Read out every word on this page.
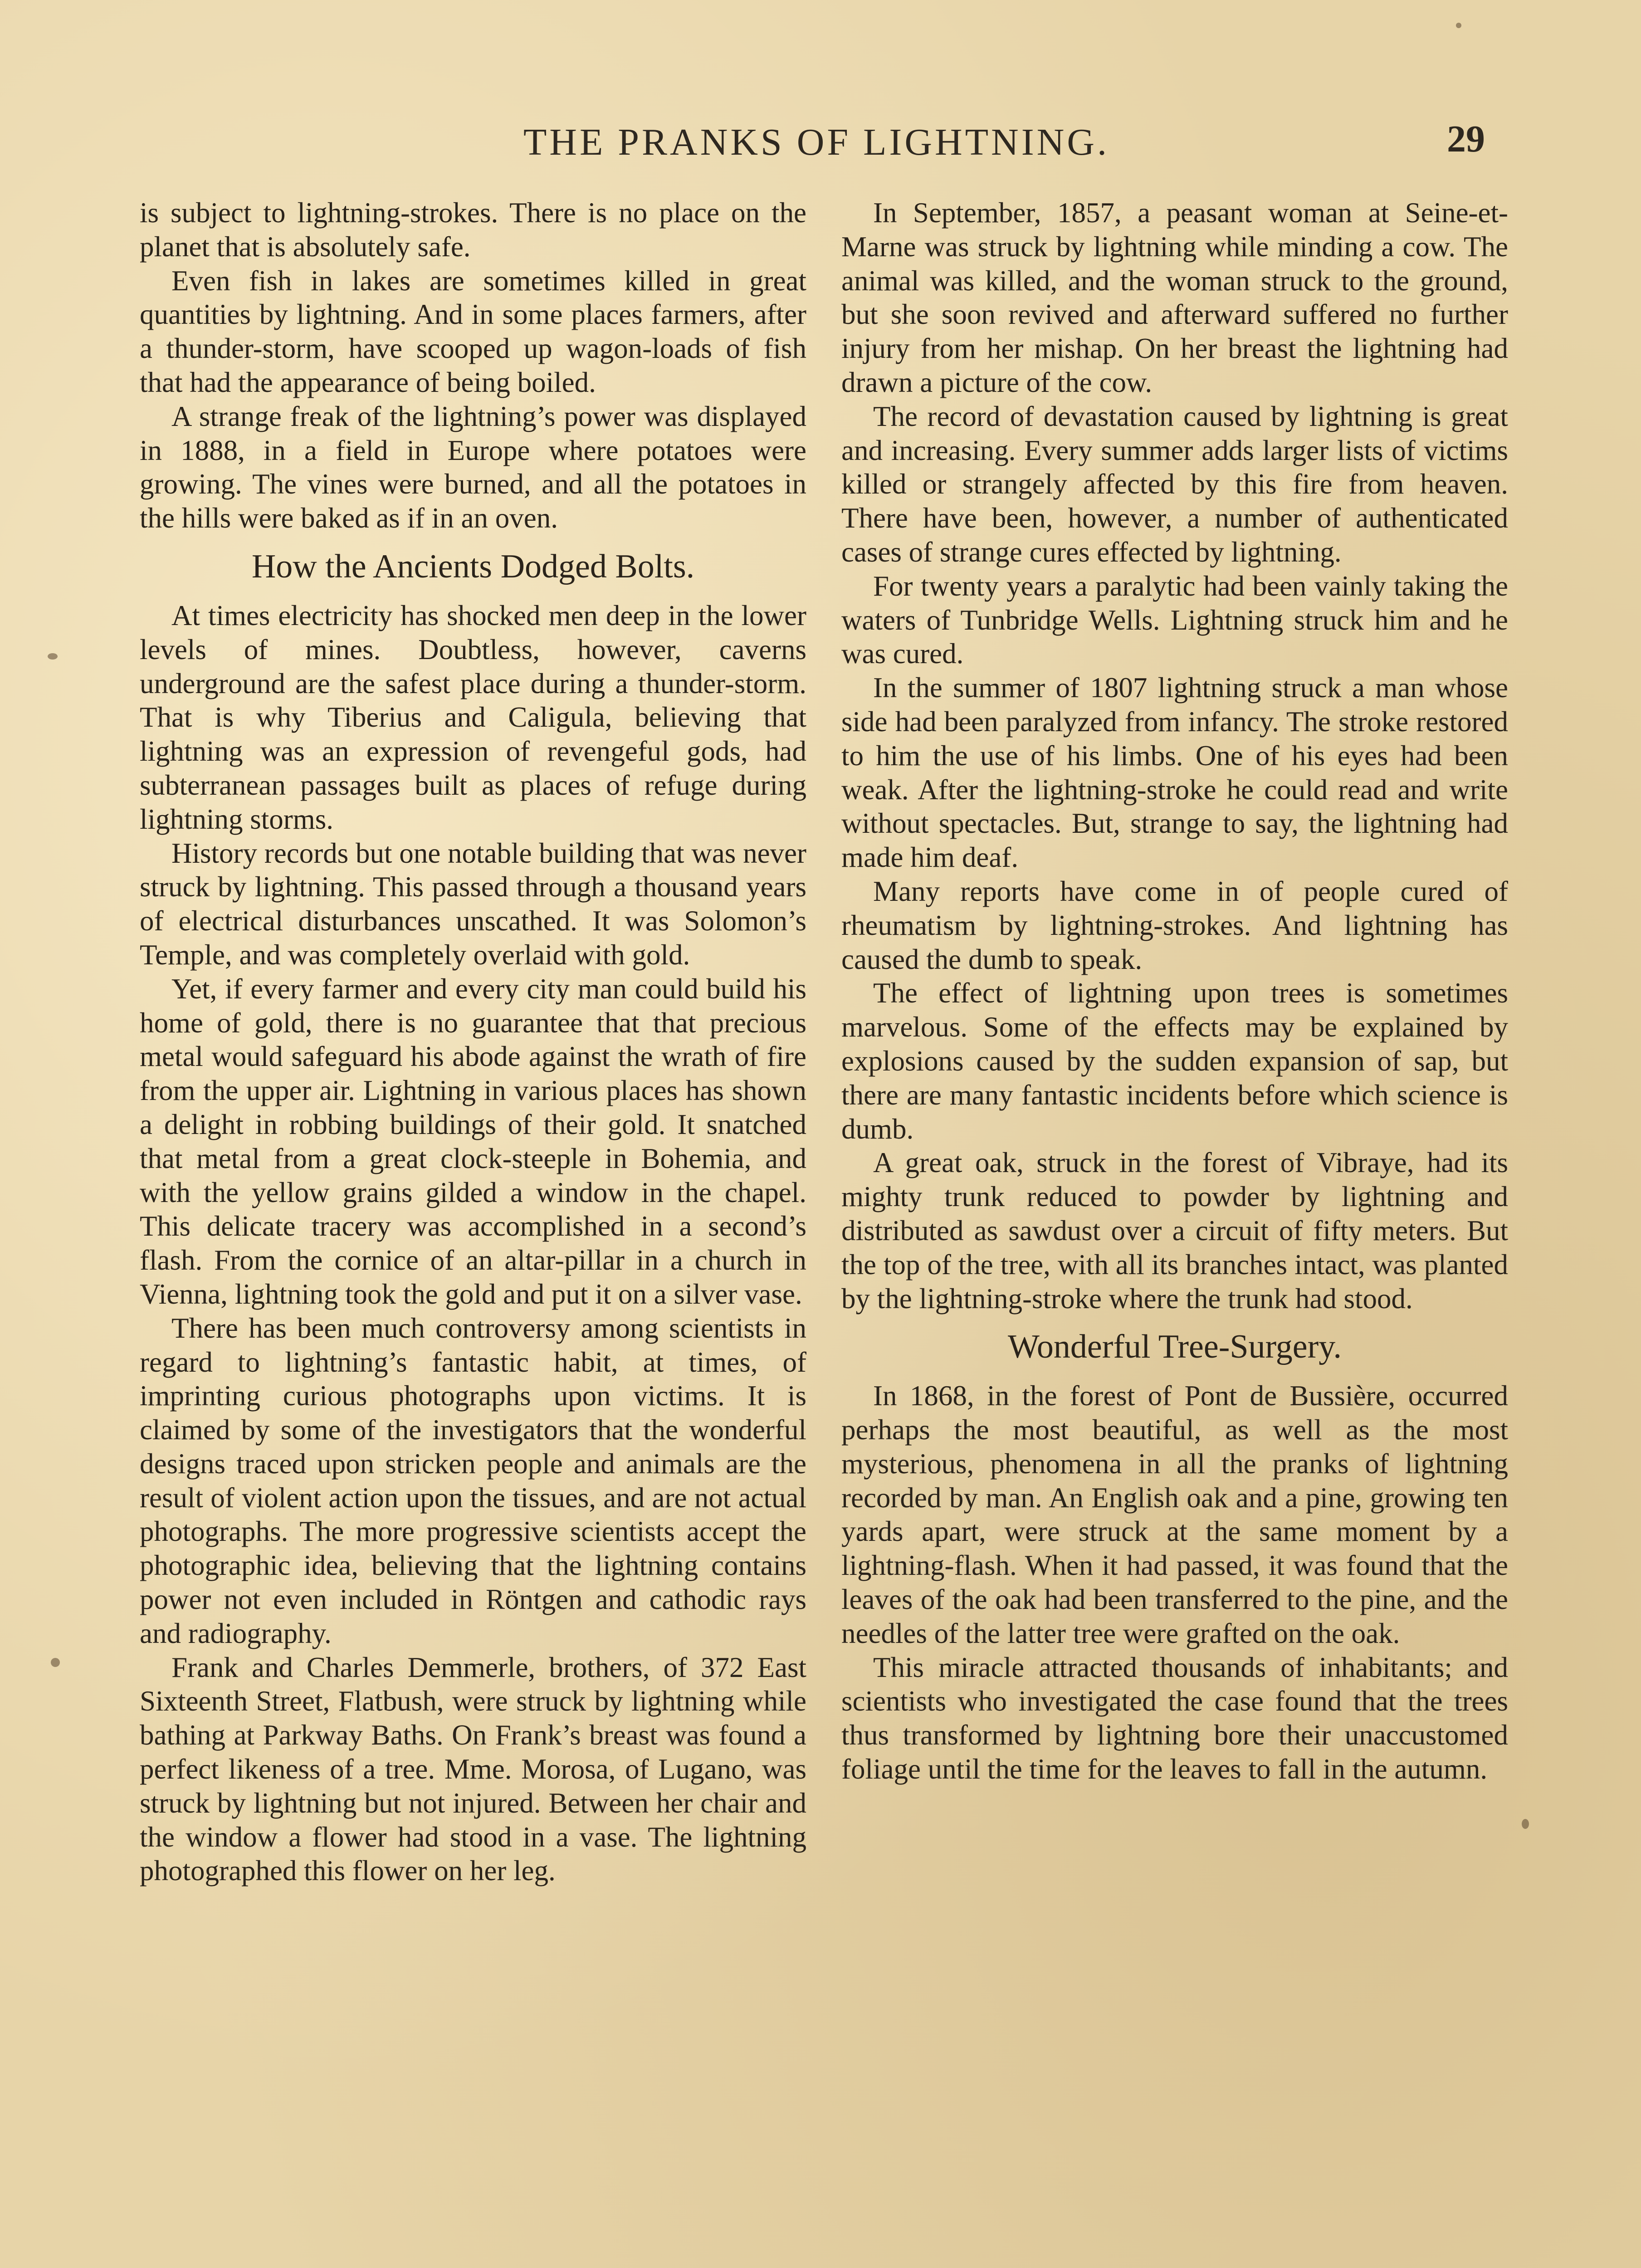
THE PRANKS OF LIGHTNING.	29

is subject to lightning-strokes. There is no place on the planet that is absolutely safe.

Even fish in lakes are sometimes killed in great quantities by lightning. And in some places farmers, after a thunder-storm, have scooped up wagon-loads of fish that had the appearance of being boiled.

A strange freak of the lightning’s power was displayed in 1888, in a field in Europe where potatoes were growing. The vines were burned, and all the potatoes in the hills were baked as if in an oven.

How the Ancients Dodged Bolts.

At times electricity has shocked men deep in the lower levels of mines. Doubtless, however, caverns underground are the safest place during a thunder-storm. That is why Tiberius and Caligula, believing that lightning was an expression of revengeful gods, had subterranean passages built as places of refuge during lightning storms.

History records but one notable building that was never struck by lightning. This passed through a thousand years of electrical disturbances unscathed. It was Solomon’s Temple, and was completely overlaid with gold.

Yet, if every farmer and every city man could build his home of gold, there is no guarantee that that precious metal would safeguard his abode against the wrath of fire from the upper air. Lightning in various places has shown a delight in robbing buildings of their gold. It snatched that metal from a great clock-steeple in Bohemia, and with the yellow grains gilded a window in the chapel. This delicate tracery was accomplished in a second’s flash. From the cornice of an altar-pillar in a church in Vienna, lightning took the gold and put it on a silver vase.

There has been much controversy among scientists in regard to lightning’s fantastic habit, at times, of imprinting curious photographs upon victims. It is claimed by some of the investigators that the wonderful designs traced upon stricken people and animals are the result of violent action upon the tissues, and are not actual photographs. The more progressive scientists accept the photographic idea, believing that the lightning contains power not even included in Röntgen and cathodic rays and radiography.

Frank and Charles Demmerle, brothers, of 372 East Sixteenth Street, Flatbush, were struck by lightning while bathing at Parkway Baths. On Frank’s breast was found a perfect likeness of a tree. Mme. Morosa, of Lugano, was struck by lightning but not injured. Between her chair and the window a flower had stood in a vase. The lightning photographed this flower on her leg.

In September, 1857, a peasant woman at Seine-et-Marne was struck by lightning while minding a cow. The animal was killed, and the woman struck to the ground, but she soon revived and afterward suffered no further injury from her mishap. On her breast the lightning had drawn a picture of the cow.

The record of devastation caused by lightning is great and increasing. Every summer adds larger lists of victims killed or strangely affected by this fire from heaven. There have been, however, a number of authenticated cases of strange cures effected by lightning.

For twenty years a paralytic had been vainly taking the waters of Tunbridge Wells. Lightning struck him and he was cured.

In the summer of 1807 lightning struck a man whose side had been paralyzed from infancy. The stroke restored to him the use of his limbs. One of his eyes had been weak. After the lightning-stroke he could read and write without spectacles. But, strange to say, the lightning had made him deaf.

Many reports have come in of people cured of rheumatism by lightning-strokes. And lightning has caused the dumb to speak.

The effect of lightning upon trees is sometimes marvelous. Some of the effects may be explained by explosions caused by the sudden expansion of sap, but there are many fantastic incidents before which science is dumb.

A great oak, struck in the forest of Vibraye, had its mighty trunk reduced to powder by lightning and distributed as sawdust over a circuit of fifty meters. But the top of the tree, with all its branches intact, was planted by the lightning-stroke where the trunk had stood.

Wonderful Tree-Surgery.

In 1868, in the forest of Pont de Bussière, occurred perhaps the most beautiful, as well as the most mysterious, phenomena in all the pranks of lightning recorded by man. An English oak and a pine, growing ten yards apart, were struck at the same moment by a lightning-flash. When it had passed, it was found that the leaves of the oak had been transferred to the pine, and the needles of the latter tree were grafted on the oak.

This miracle attracted thousands of inhabitants; and scientists who investigated the case found that the trees thus transformed by lightning bore their unaccustomed foliage until the time for the leaves to fall in the autumn.
